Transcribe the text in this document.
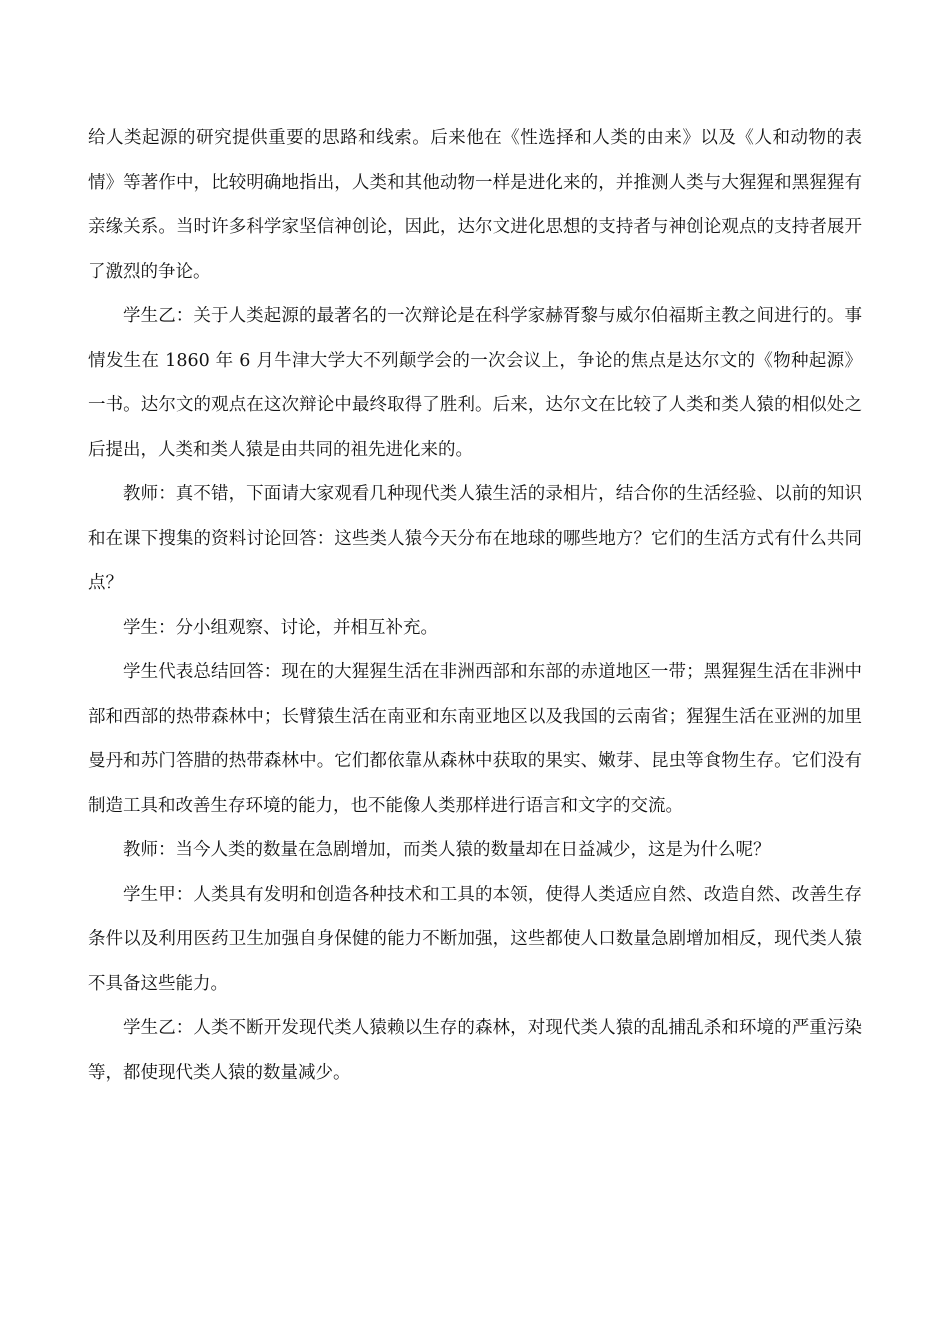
给人类起源的研究提供重要的思路和线索。后来他在《性选择和人类的由来》以及《人和动物的表情》等著作中，比较明确地指出，人类和其他动物一样是进化来的，并推测人类与大猩猩和黑猩猩有亲缘关系。当时许多科学家坚信神创论，因此，达尔文进化思想的支持者与神创论观点的支持者展开了激烈的争论。

学生乙：关于人类起源的最著名的一次辩论是在科学家赫胥黎与威尔伯福斯主教之间进行的。事情发生在 1860 年 6 月牛津大学大不列颠学会的一次会议上，争论的焦点是达尔文的《物种起源》一书。达尔文的观点在这次辩论中最终取得了胜利。后来，达尔文在比较了人类和类人猿的相似处之后提出，人类和类人猿是由共同的祖先进化来的。

教师：真不错，下面请大家观看几种现代类人猿生活的录相片，结合你的生活经验、以前的知识和在课下搜集的资料讨论回答：这些类人猿今天分布在地球的哪些地方？它们的生活方式有什么共同点？

学生：分小组观察、讨论，并相互补充。

学生代表总结回答：现在的大猩猩生活在非洲西部和东部的赤道地区一带；黑猩猩生活在非洲中部和西部的热带森林中；长臂猿生活在南亚和东南亚地区以及我国的云南省；猩猩生活在亚洲的加里曼丹和苏门答腊的热带森林中。它们都依靠从森林中获取的果实、嫩芽、昆虫等食物生存。它们没有制造工具和改善生存环境的能力，也不能像人类那样进行语言和文字的交流。

教师：当今人类的数量在急剧增加，而类人猿的数量却在日益减少，这是为什么呢？

学生甲：人类具有发明和创造各种技术和工具的本领，使得人类适应自然、改造自然、改善生存条件以及利用医药卫生加强自身保健的能力不断加强，这些都使人口数量急剧增加相反，现代类人猿不具备这些能力。

学生乙：人类不断开发现代类人猿赖以生存的森林，对现代类人猿的乱捕乱杀和环境的严重污染等，都使现代类人猿的数量减少。
